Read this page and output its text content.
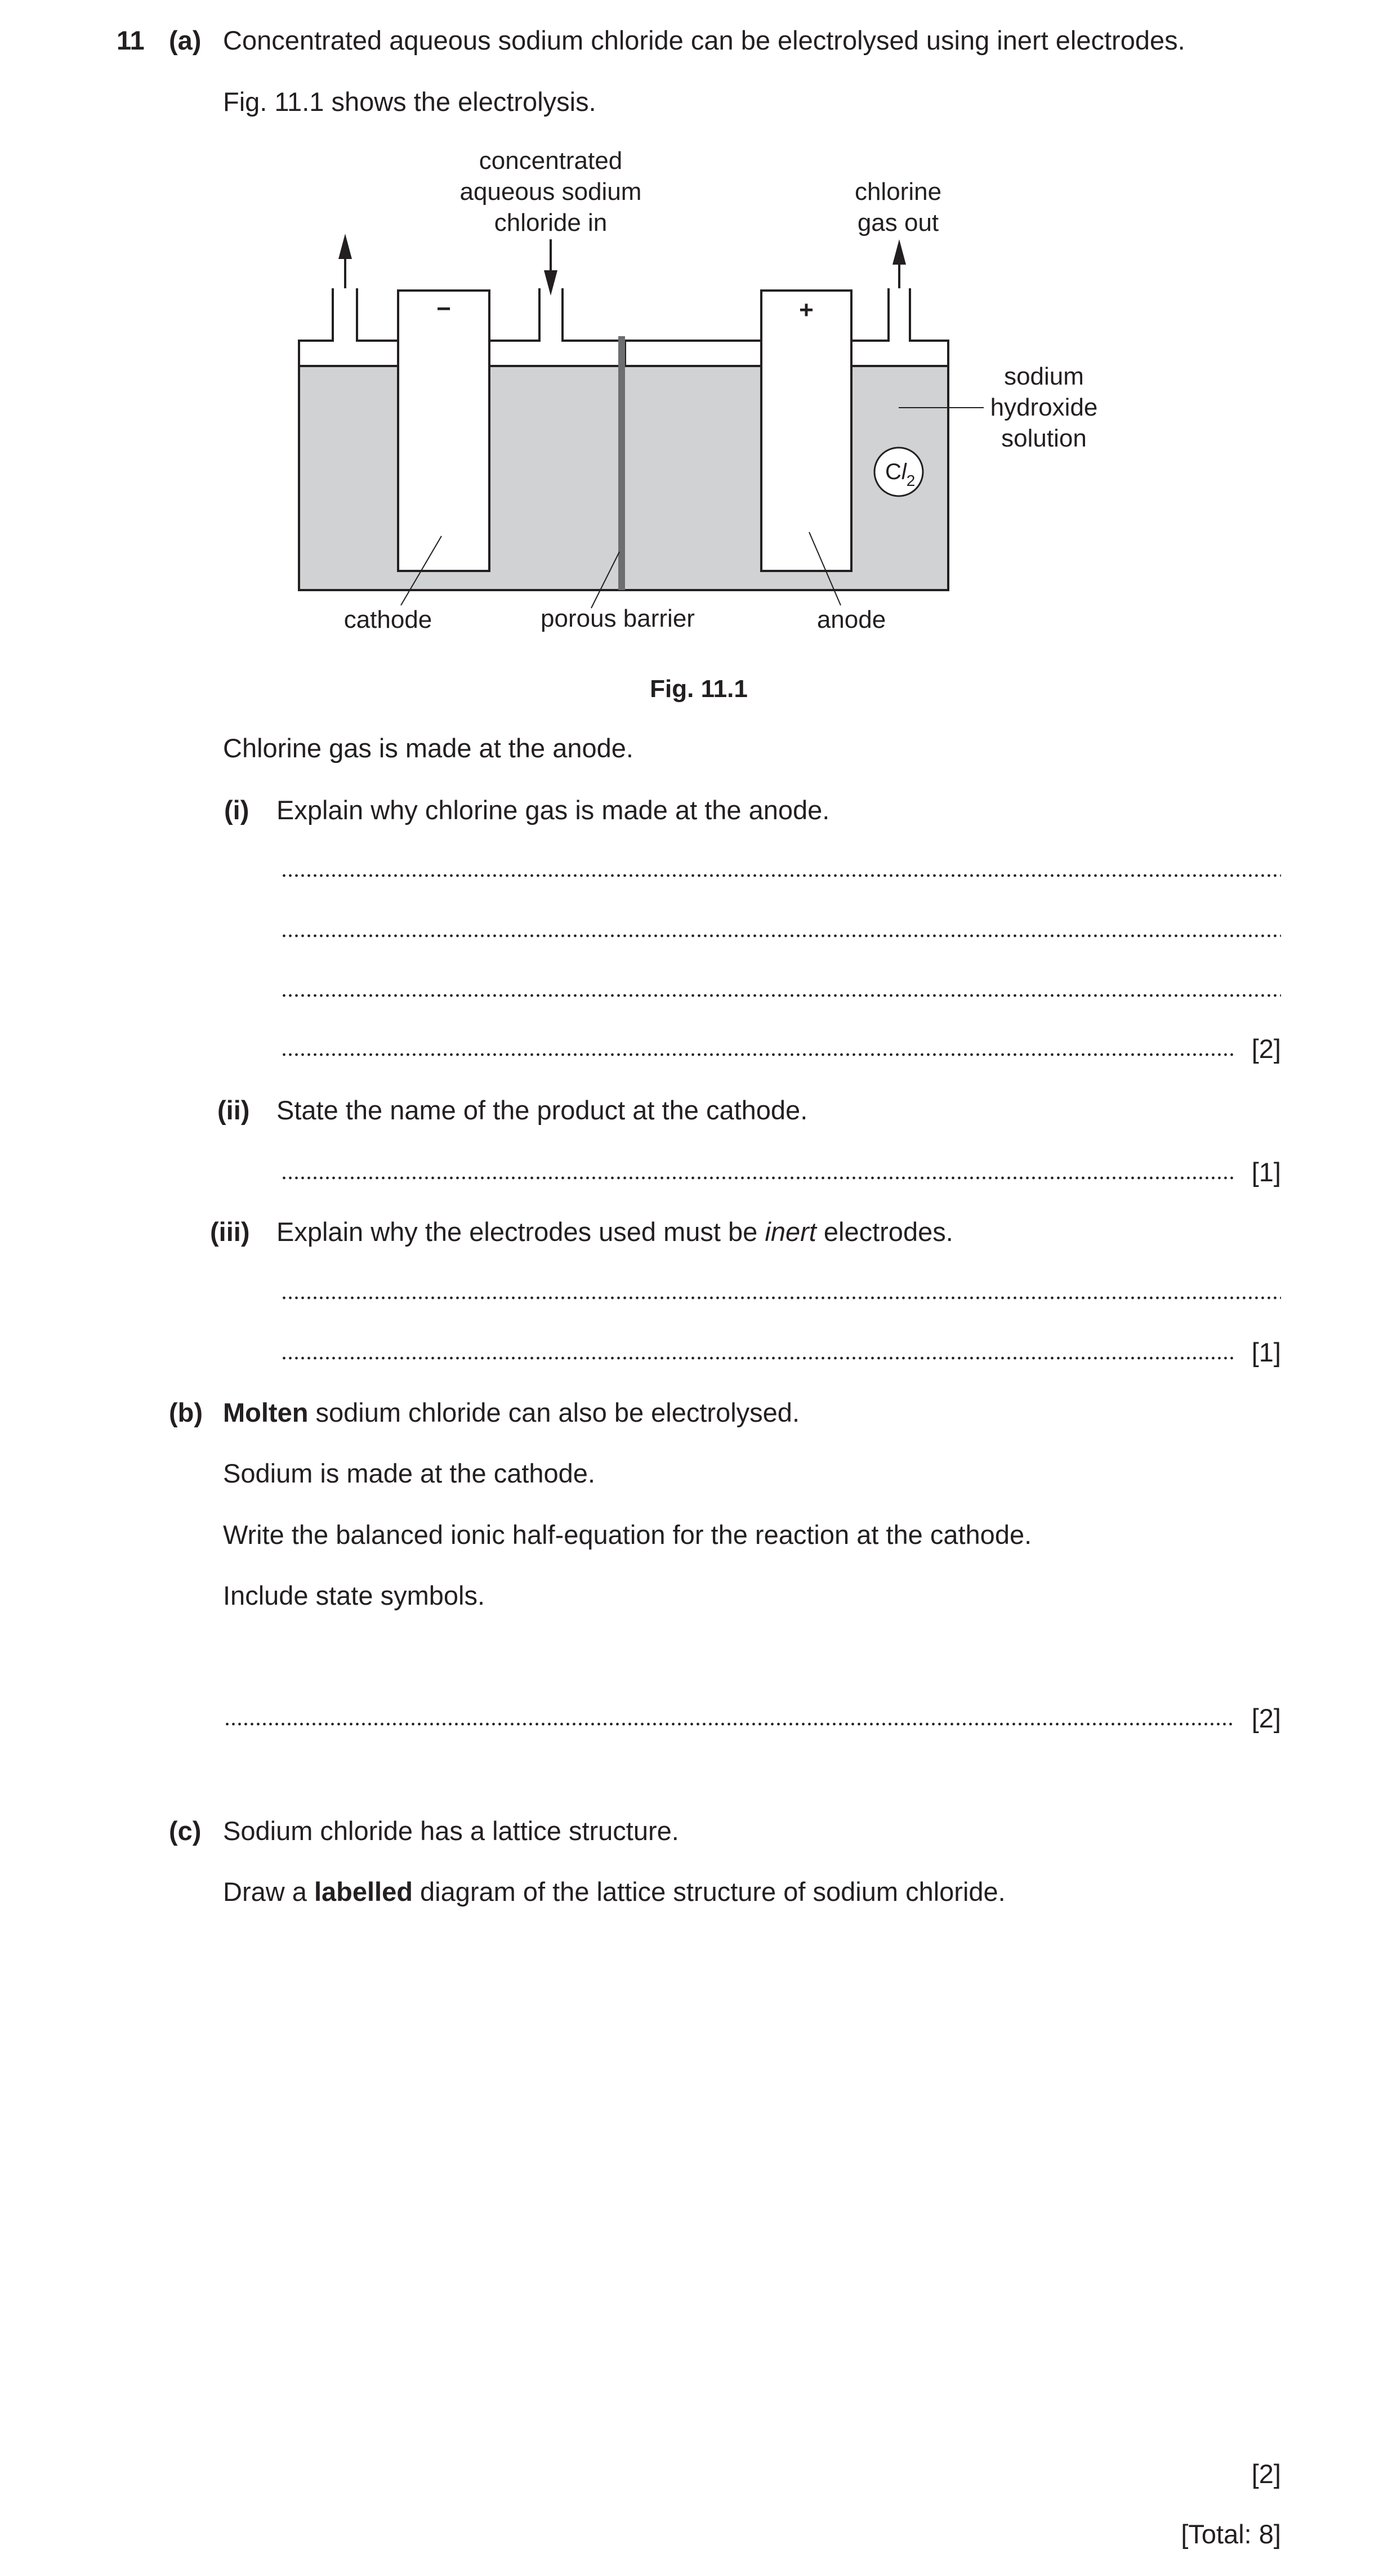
11 (a) Concentrated aqueous sodium chloride can be electrolysed using inert electrodes.
Fig. 11.1 shows the electrolysis.
−	+
$Cl_2$
concentrated
aqueous sodium
chloride in
chlorine
gas out
sodium
hydroxide
solution
cathode	porous barrier	anode
Fig. 11.1
Chlorine gas is made at the anode.
(i) Explain why chlorine gas is made at the anode.
[2]
(ii) State the name of the product at the cathode.
[1]
(iii) Explain why the electrodes used must be inert electrodes.
[1]
(b) Molten sodium chloride can also be electrolysed.
Sodium is made at the cathode.
Write the balanced ionic half-equation for the reaction at the cathode.
Include state symbols.
[2]
(c) Sodium chloride has a lattice structure.
Draw a labelled diagram of the lattice structure of sodium chloride.
[2]
[Total: 8]
